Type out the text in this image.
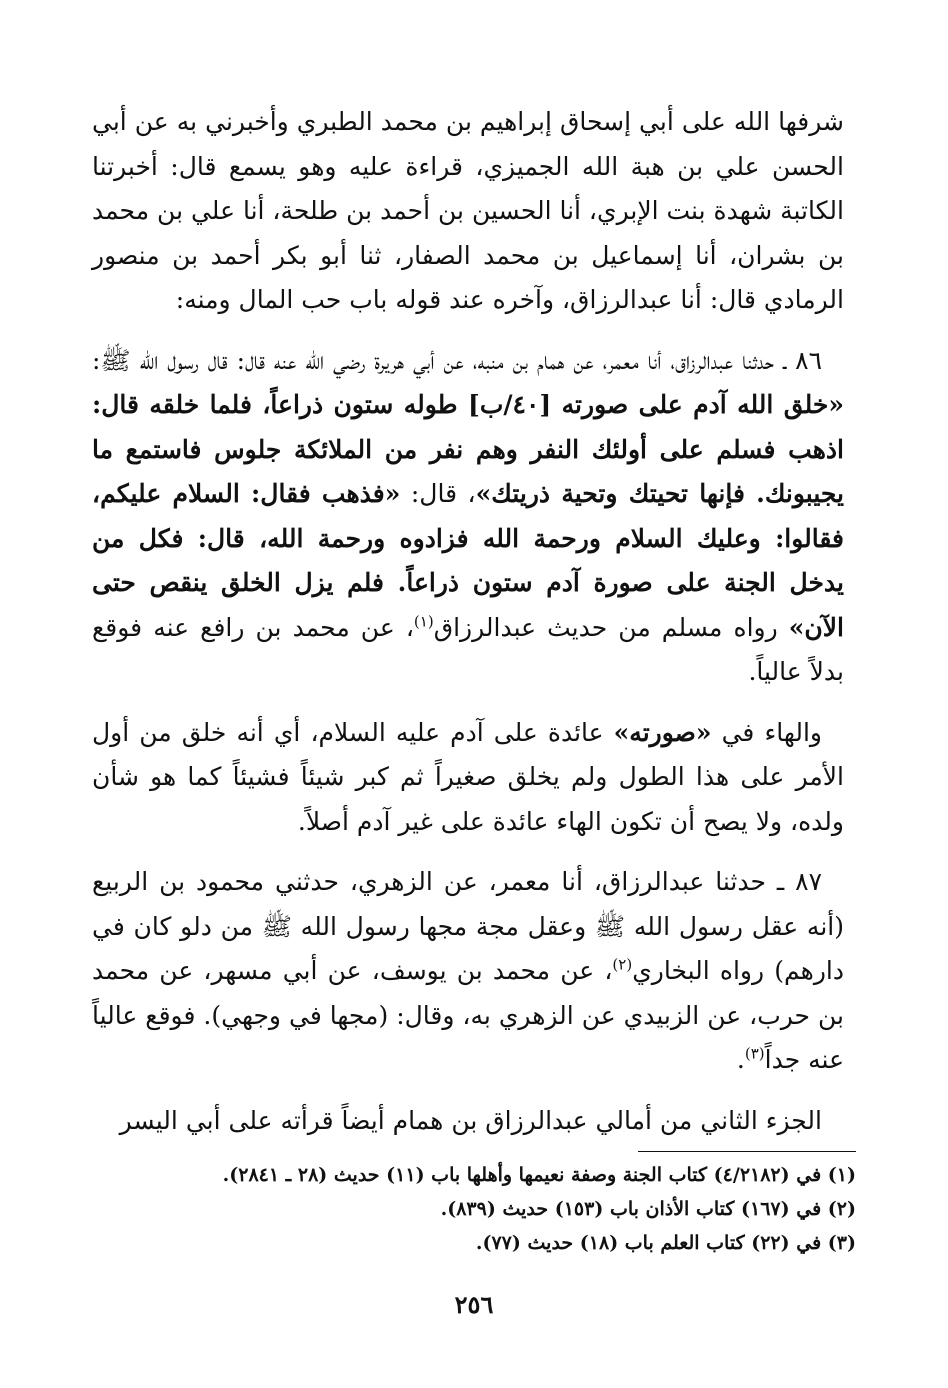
شرفها الله على أبي إسحاق إبراهيم بن محمد الطبري وأخبرني به عن أبي الحسن علي بن هبة الله الجميزي، قراءة عليه وهو يسمع قال: أخبرتنا الكاتبة شهدة بنت الإبري، أنا الحسين بن أحمد بن طلحة، أنا علي بن محمد بن بشران، أنا إسماعيل بن محمد الصفار، ثنا أبو بكر أحمد بن منصور الرمادي قال: أنا عبدالرزاق، وآخره عند قوله باب حب المال ومنه:

٨٦ ـ حدثنا عبدالرزاق، أنا معمر، عن همام بن منبه، عن أبي هريرة رضي الله عنه قال: قال رسول الله ﷺ: «خلق الله آدم على صورته [٤٠/ب] طوله ستون ذراعاً، فلما خلقه قال: اذهب فسلم على أولئك النفر وهم نفر من الملائكة جلوس فاستمع ما يجيبونك. فإنها تحيتك وتحية ذريتك»، قال: «فذهب فقال: السلام عليكم، فقالوا: وعليك السلام ورحمة الله فزادوه ورحمة الله، قال: فكل من يدخل الجنة على صورة آدم ستون ذراعاً. فلم يزل الخلق ينقص حتى الآن» رواه مسلم من حديث عبدالرزاق$^{(١)}$، عن محمد بن رافع عنه فوقع بدلاً عالياً.

والهاء في «صورته» عائدة على آدم عليه السلام، أي أنه خلق من أول الأمر على هذا الطول ولم يخلق صغيراً ثم كبر شيئاً فشيئاً كما هو شأن ولده، ولا يصح أن تكون الهاء عائدة على غير آدم أصلاً.

٨٧ ـ حدثنا عبدالرزاق، أنا معمر، عن الزهري، حدثني محمود بن الربيع (أنه عقل رسول الله ﷺ وعقل مجة مجها رسول الله ﷺ من دلو كان في دارهم) رواه البخاري$^{(٢)}$، عن محمد بن يوسف، عن أبي مسهر، عن محمد بن حرب، عن الزبيدي عن الزهري به، وقال: (مجها في وجهي). فوقع عالياً عنه جداً$^{(٣)}$.

الجزء الثاني من أمالي عبدالرزاق بن همام أيضاً قرأته على أبي اليسر

(١) في (٤/٢١٨٢) كتاب الجنة وصفة نعيمها وأهلها باب (١١) حديث (٢٨ ـ ٢٨٤١).

(٢) في (١٦٧) كتاب الأذان باب (١٥٣) حديث (٨٣٩).

(٣) في (٢٢) كتاب العلم باب (١٨) حديث (٧٧).

٢٥٦
